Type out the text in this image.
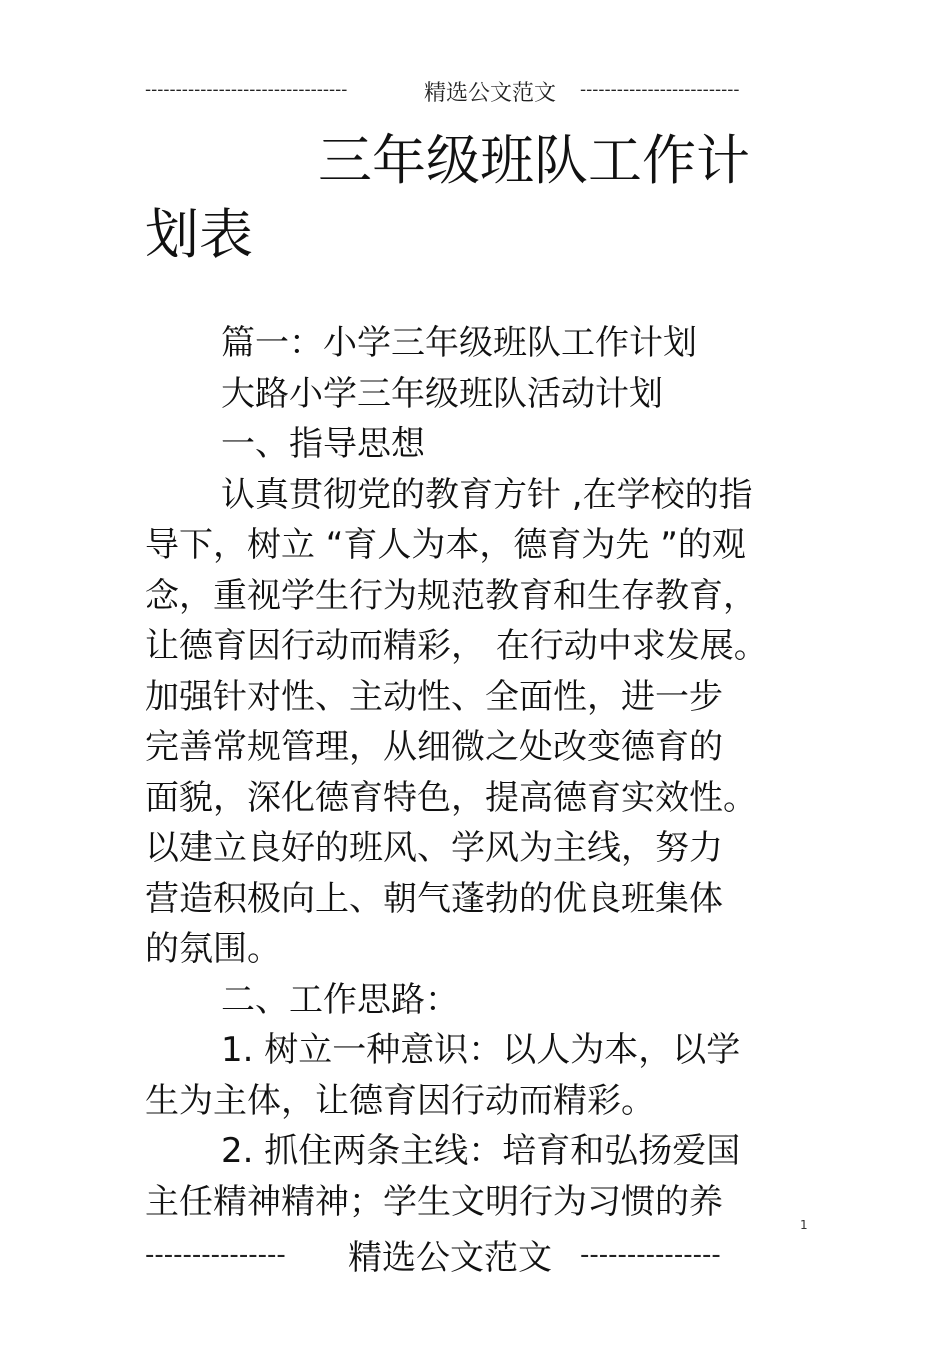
---------------------------------	精选公文范文 --------------------------
三年级班队工作计
划表
篇一：小学三年级班队工作计划
大路小学三年级班队活动计划
一、指导思想
认真贯彻党的教育方针 ,在学校的指
导下，树立 “育人为本，德育为先 ”的观
念，重视学生行为规范教育和生存教育，
让德育因行动而精彩， 在行动中求发展。
加强针对性、主动性、全面性，进一步
完善常规管理，从细微之处改变德育的
面貌，深化德育特色，提高德育实效性。
以建立良好的班风、学风为主线，努力
营造积极向上、朝气蓬勃的优良班集体
的氛围。
二、工作思路：
1. 树立一种意识：以人为本，以学
生为主体，让德育因行动而精彩。
2. 抓住两条主线：培育和弘扬爱国
主任精神精神；学生文明行为习惯的养
1
---------------	精选公文范文 ---------------
